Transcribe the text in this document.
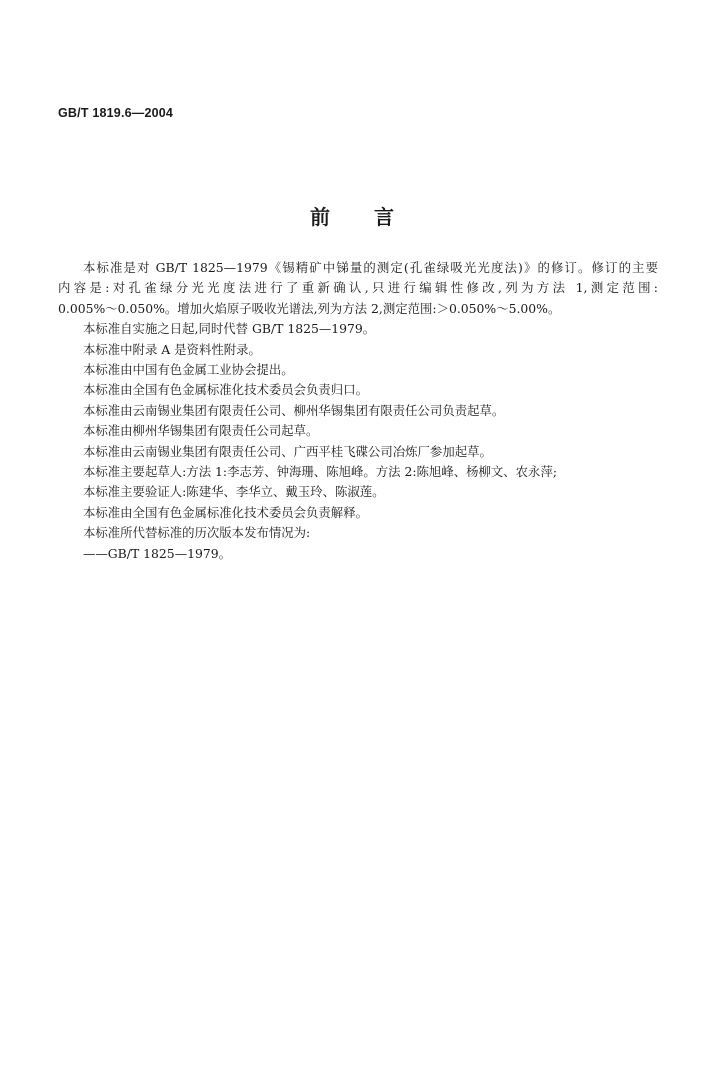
GB/T 1819.6—2004
前言
本标准是对 GB/T 1825—1979《锡精矿中锑量的测定(孔雀绿吸光光度法)》的修订。修订的主要
内容是:对孔雀绿分光光度法进行了重新确认,只进行编辑性修改,列为方法 1,测定范围:
0.005%～0.050%。增加火焰原子吸收光谱法,列为方法 2,测定范围:＞0.050%～5.00%。
本标准自实施之日起,同时代替 GB/T 1825—1979。
本标准中附录 A 是资料性附录。
本标准由中国有色金属工业协会提出。
本标准由全国有色金属标准化技术委员会负责归口。
本标准由云南锡业集团有限责任公司、柳州华锡集团有限责任公司负责起草。
本标准由柳州华锡集团有限责任公司起草。
本标准由云南锡业集团有限责任公司、广西平桂飞碟公司冶炼厂参加起草。
本标准主要起草人:方法 1:李志芳、钟海珊、陈旭峰。方法 2:陈旭峰、杨柳文、农永萍;
本标准主要验证人:陈建华、李华立、戴玉玲、陈淑莲。
本标准由全国有色金属标准化技术委员会负责解释。
本标准所代替标准的历次版本发布情况为:
——GB/T 1825—1979。
